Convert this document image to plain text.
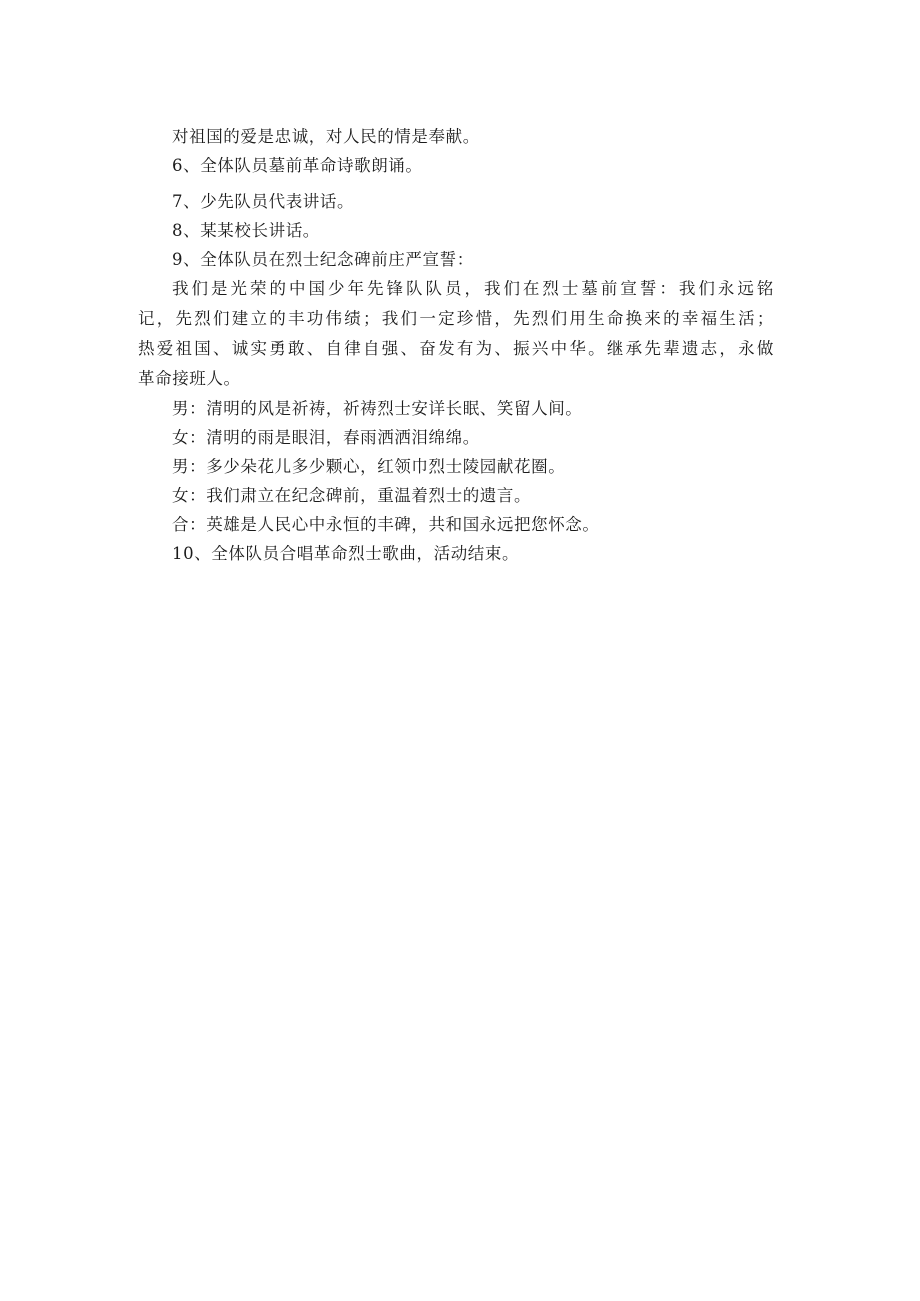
对祖国的爱是忠诚，对人民的情是奉献。

6、全体队员墓前革命诗歌朗诵。

7、少先队员代表讲话。

8、某某校长讲话。

9、全体队员在烈士纪念碑前庄严宣誓：

我们是光荣的中国少年先锋队队员，我们在烈士墓前宣誓：我们永远铭
记，先烈们建立的丰功伟绩；我们一定珍惜，先烈们用生命换来的幸福生活；
热爱祖国、诚实勇敢、自律自强、奋发有为、振兴中华。继承先辈遗志，永做
革命接班人。

男：清明的风是祈祷，祈祷烈士安详长眠、笑留人间。

女：清明的雨是眼泪，春雨洒洒泪绵绵。

男：多少朵花儿多少颗心，红领巾烈士陵园献花圈。

女：我们肃立在纪念碑前，重温着烈士的遗言。

合：英雄是人民心中永恒的丰碑，共和国永远把您怀念。

10、全体队员合唱革命烈士歌曲，活动结束。
